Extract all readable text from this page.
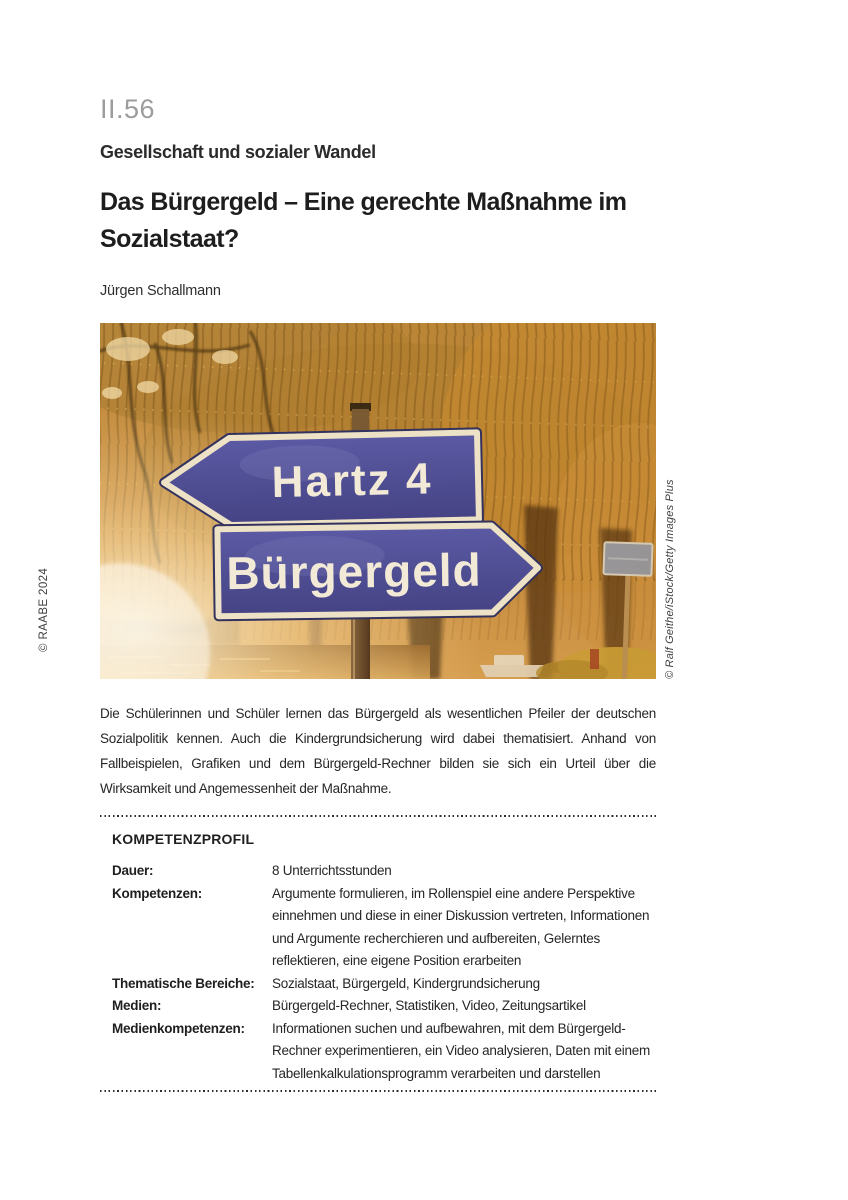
II.56
Gesellschaft und sozialer Wandel
Das Bürgergeld – Eine gerechte Maßnahme im
Sozialstaat?
Jürgen Schallmann
© RAABE 2024
Hartz 4
Bürgergeld	© Ralf Geithe/iStock/Getty Images Plus
Die Schülerinnen und Schüler lernen das Bürgergeld als wesentlichen Pfeiler der deutschen Sozialpolitik kennen. Auch die Kindergrundsicherung wird dabei thematisiert. Anhand von Fallbeispielen, Grafiken und dem Bürgergeld-Rechner bilden sie sich ein Urteil über die Wirksamkeit und Angemessenheit der Maßnahme.
KOMPETENZPROFIL
Dauer:	8 Unterrichtsstunden
Kompetenzen:	Argumente formulieren, im Rollenspiel eine andere Perspektive einnehmen und diese in einer Diskussion vertreten, Informationen und Argumente recherchieren und aufbereiten, Gelerntes reflektieren, eine eigene Position erarbeiten
Thematische Bereiche:	Sozialstaat, Bürgergeld, Kindergrundsicherung
Medien:	Bürgergeld-Rechner, Statistiken, Video, Zeitungsartikel
Medienkompetenzen:	Informationen suchen und aufbewahren, mit dem Bürgergeld-Rechner experimentieren, ein Video analysieren, Daten mit einem Tabellenkalkulationsprogramm verarbeiten und darstellen
